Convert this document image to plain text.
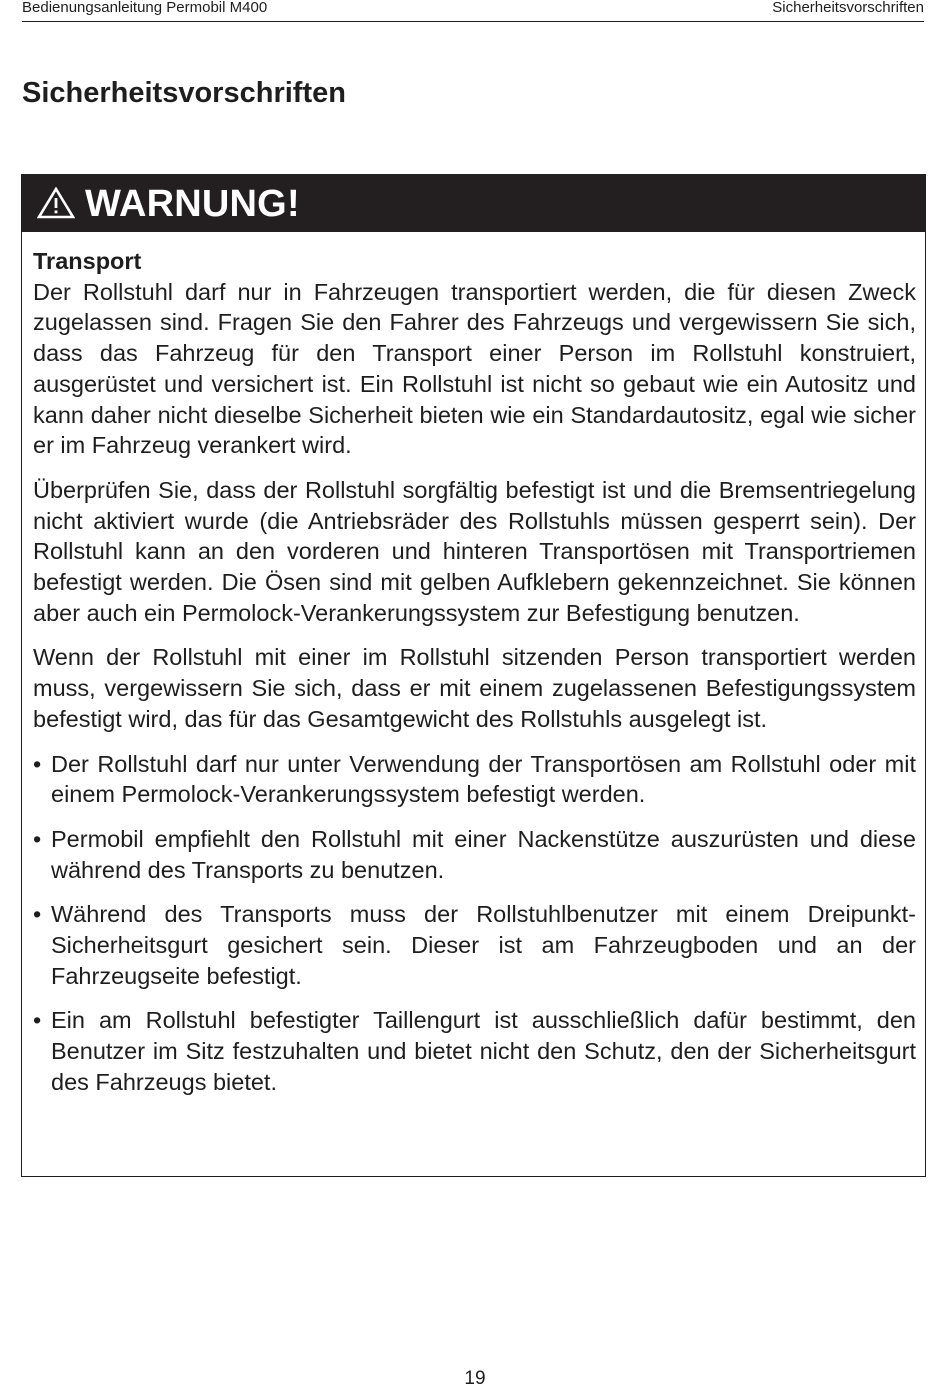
Bedienungsanleitung Permobil M400	Sicherheitsvorschriften
Sicherheitsvorschriften
WARNUNG!
Transport

Der Rollstuhl darf nur in Fahrzeugen transportiert werden, die für diesen Zweck zugelassen sind. Fragen Sie den Fahrer des Fahrzeugs und vergewissern Sie sich, dass das Fahrzeug für den Transport einer Person im Rollstuhl konstruiert, ausgerüstet und versichert ist. Ein Rollstuhl ist nicht so gebaut wie ein Autositz und kann daher nicht dieselbe Sicherheit bieten wie ein Standardautositz, egal wie sicher er im Fahrzeug verankert wird.

Überprüfen Sie, dass der Rollstuhl sorgfältig befestigt ist und die Bremsentriegelung nicht aktiviert wurde (die Antriebsräder des Rollstuhls müssen gesperrt sein). Der Rollstuhl kann an den vorderen und hinteren Transportösen mit Transportriemen befestigt werden. Die Ösen sind mit gelben Aufklebern gekennzeichnet. Sie können aber auch ein Permolock-Verankerungssystem zur Befestigung benutzen.

Wenn der Rollstuhl mit einer im Rollstuhl sitzenden Person transportiert werden muss, vergewissern Sie sich, dass er mit einem zugelassenen Befestigungssystem befestigt wird, das für das Gesamtgewicht des Rollstuhls ausgelegt ist.

• Der Rollstuhl darf nur unter Verwendung der Transportösen am Rollstuhl oder mit einem Permolock-Verankerungssystem befestigt werden.
• Permobil empfiehlt den Rollstuhl mit einer Nackenstütze auszurüsten und diese während des Transports zu benutzen.
• Während des Transports muss der Rollstuhlbenutzer mit einem Dreipunkt-Sicherheitsgurt gesichert sein. Dieser ist am Fahrzeugboden und an der Fahrzeugseite befestigt.
• Ein am Rollstuhl befestigter Taillengurt ist ausschließlich dafür bestimmt, den Benutzer im Sitz festzuhalten und bietet nicht den Schutz, den der Sicherheitsgurt des Fahrzeugs bietet.
19
